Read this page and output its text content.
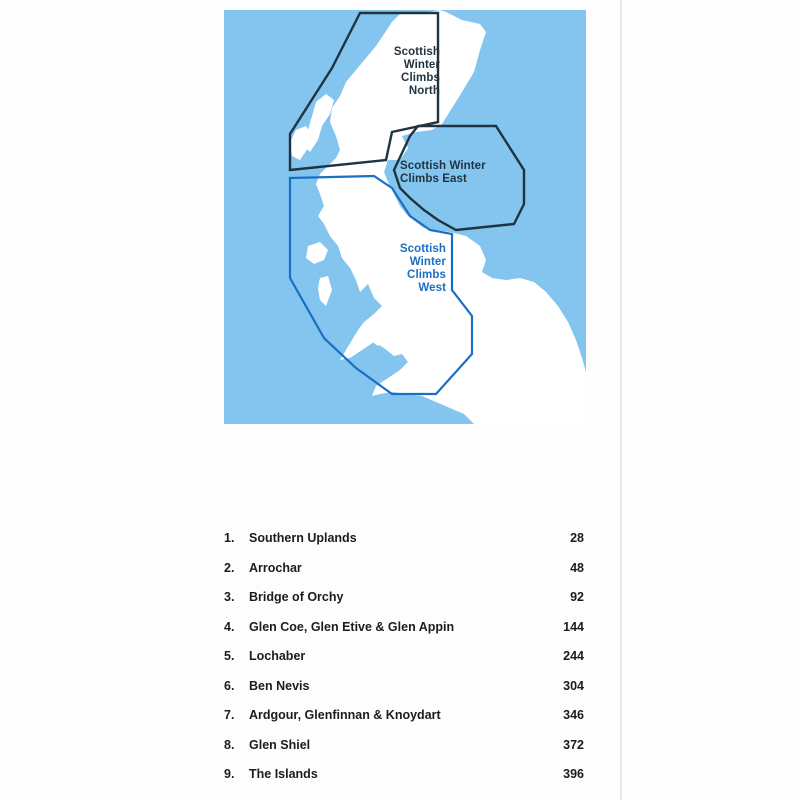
Scottish
Winter
Climbs
North
Scottish Winter
Climbs East
Scottish
Winter
Climbs
West
1. Southern Uplands	28
2. Arrochar	48
3. Bridge of Orchy	92
4. Glen Coe, Glen Etive & Glen Appin	144
5. Lochaber	244
6. Ben Nevis	304
7. Ardgour, Glenfinnan & Knoydart	346
8. Glen Shiel	372
9. The Islands	396
